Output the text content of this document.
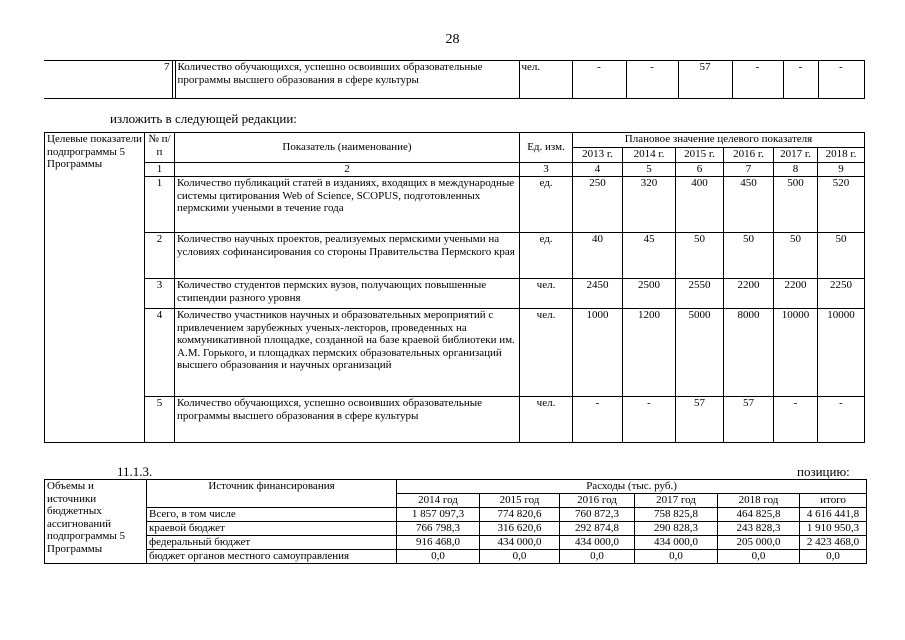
28
7		Количество обучающихся, успешно освоивших образовательные программы высшего образования в сфере культуры	чел.	-	-	57	-	-	-
изложить в следующей редакции:
Целевые показатели подпрограммы 5 Программы	№ п/п	Показатель (наименование)	Ед. изм.	Плановое значение целевого показателя					
				2013 г.	2014 г.	2015 г.	2016 г.	2017 г.	2018 г.
	1	2	3	4	5	6	7	8	9
	1	Количество публикаций статей в изданиях, входящих в международные системы цитирования Web of Science, SCOPUS, подготовленных пермскими учеными в течение года	ед.	250	320	400	450	500	520
	2	Количество научных проектов, реализуемых пермскими учеными на условиях софинансирования со стороны Правительства Пермского края	ед.	40	45	50	50	50	50
	3	Количество студентов пермских вузов, получающих повышенные стипендии разного уровня	чел.	2450	2500	2550	2200	2200	2250
	4	Количество участников научных и образовательных мероприятий с привлечением зарубежных ученых-лекторов, проведенных на коммуникативной площадке, созданной на базе краевой библиотеки им. А.М. Горького, и площадках пермских образовательных организаций высшего образования и научных организаций	чел.	1000	1200	5000	8000	10000	10000
	5	Количество обучающихся, успешно освоивших образовательные программы высшего образования в сфере культуры	чел.	-	-	57	57	-	-
11.1.3.	позицию:
Объемы и источники бюджетных ассигнований подпрограммы 5 Программы	Источник финансирования	Расходы (тыс. руб.)					
		2014 год	2015 год	2016 год	2017 год	2018 год	итого
	Всего, в том числе	1 857 097,3	774 820,6	760 872,3	758 825,8	464 825,8	4 616 441,8
	краевой бюджет	766 798,3	316 620,6	292 874,8	290 828,3	243 828,3	1 910 950,3
	федеральный бюджет	916 468,0	434 000,0	434 000,0	434 000,0	205 000,0	2 423 468,0
	бюджет органов местного самоуправления	0,0	0,0	0,0	0,0	0,0	0,0
